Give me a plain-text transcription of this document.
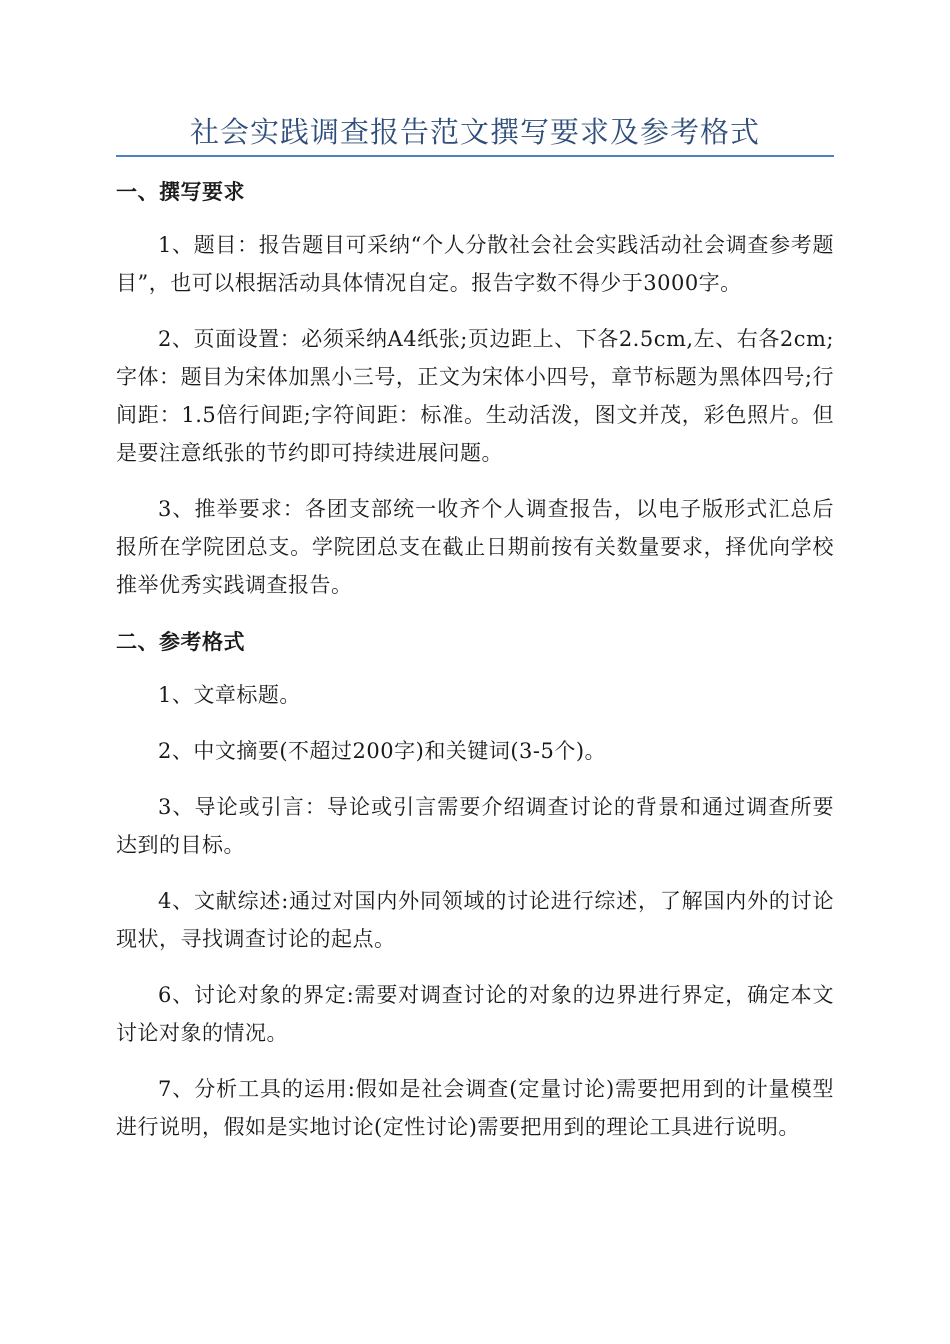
社会实践调查报告范文撰写要求及参考格式
一、撰写要求

1、题目：报告题目可采纳“个人分散社会社会实践活动社会调查参考题目”，也可以根据活动具体情况自定。报告字数不得少于3000字。

2、页面设置：必须采纳A4纸张;页边距上、下各2.5cm,左、右各2cm;字体：题目为宋体加黑小三号，正文为宋体小四号，章节标题为黑体四号;行间距：1.5倍行间距;字符间距：标准。生动活泼，图文并茂，彩色照片。但是要注意纸张的节约即可持续进展问题。

3、推举要求：各团支部统一收齐个人调查报告，以电子版形式汇总后报所在学院团总支。学院团总支在截止日期前按有关数量要求，择优向学校推举优秀实践调查报告。

二、参考格式

1、文章标题。

2、中文摘要(不超过200字)和关键词(3-5个)。

3、导论或引言：导论或引言需要介绍调查讨论的背景和通过调查所要达到的目标。

4、文献综述:通过对国内外同领域的讨论进行综述，了解国内外的讨论现状，寻找调查讨论的起点。

6、讨论对象的界定:需要对调查讨论的对象的边界进行界定，确定本文讨论对象的情况。

7、分析工具的运用:假如是社会调查(定量讨论)需要把用到的计量模型进行说明，假如是实地讨论(定性讨论)需要把用到的理论工具进行说明。
